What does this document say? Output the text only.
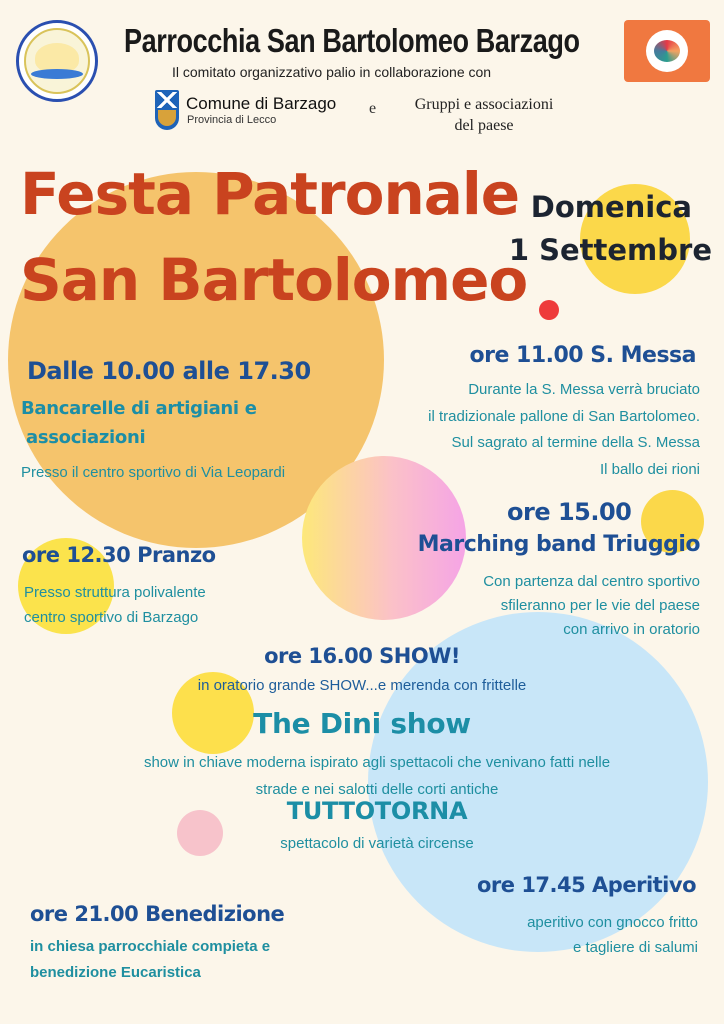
Parrocchia San Bartolomeo Barzago
Il comitato organizzativo palio in collaborazione con
Comune di Barzago
Provincia di Lecco
e	Gruppi e associazioni
del paese
Festa Patronale
San Bartolomeo
Domenica
1 Settembre
Dalle 10.00 alle 17.30
Bancarelle di artigiani e
associazioni
Presso il centro sportivo di Via Leopardi
ore 11.00 S. Messa
Durante la S. Messa verrà bruciato
il tradizionale pallone di San Bartolomeo.
Sul sagrato al termine della S. Messa
Il ballo dei rioni
ore 15.00
Marching band Triuggio
Con partenza dal centro sportivo
sfileranno per le vie del paese
con arrivo in oratorio
ore 12.30 Pranzo
Presso struttura polivalente
centro sportivo di Barzago
ore 16.00 SHOW!
in oratorio grande SHOW...e merenda con frittelle
The Dini show
show in chiave moderna ispirato agli spettacoli che venivano fatti nelle
strade e nei salotti delle corti antiche
TUTTOTORNA
spettacolo di varietà circense
ore 17.45 Aperitivo
aperitivo con gnocco fritto
e tagliere di salumi
ore 21.00 Benedizione
in chiesa parrocchiale compieta e
benedizione Eucaristica
